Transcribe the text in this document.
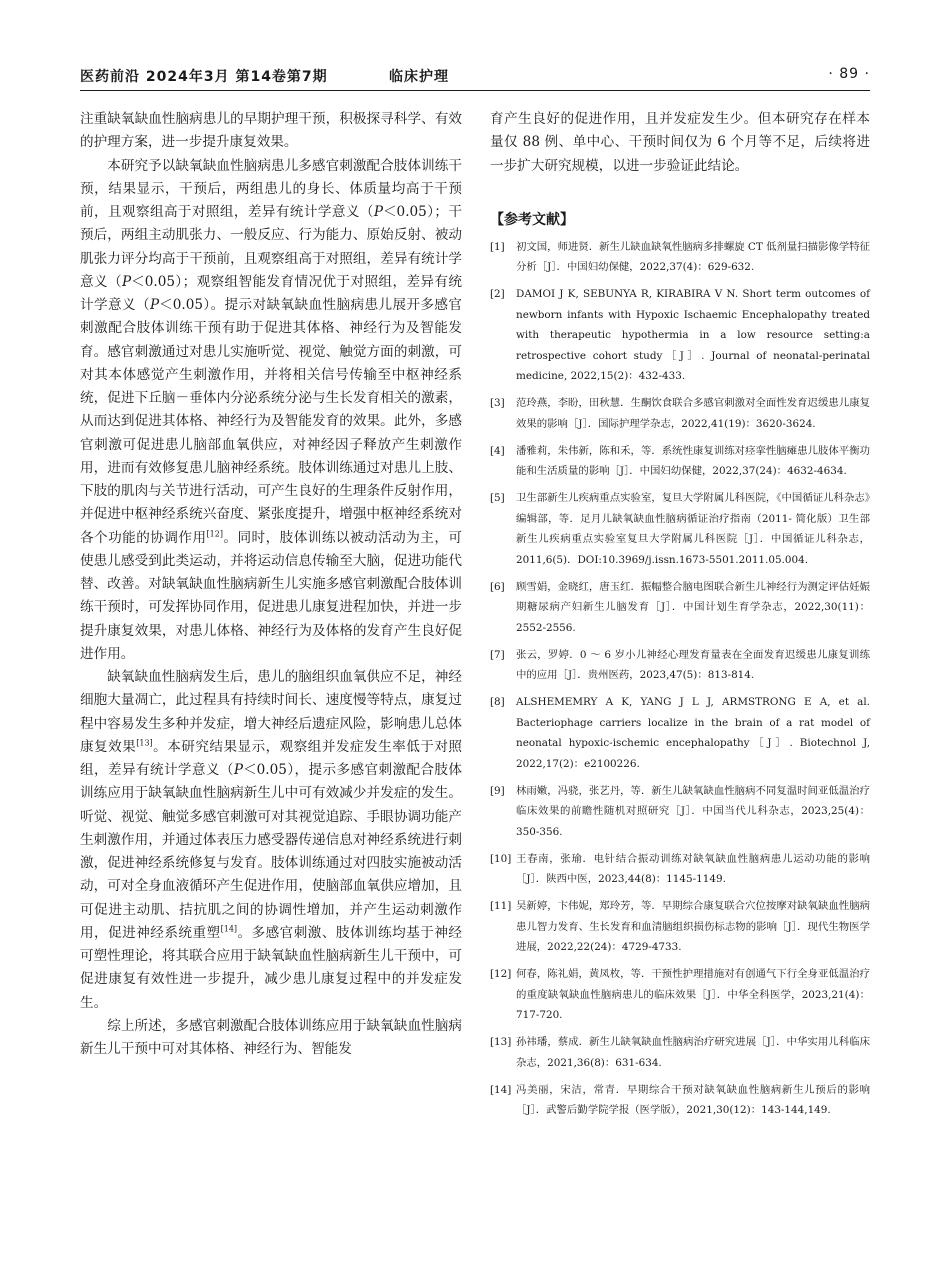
医药前沿 2024年3月 第14卷第7期	临床护理	· 89 ·

注重缺氧缺血性脑病患儿的早期护理干预，积极探寻科学、有效的护理方案，进一步提升康复效果。

本研究予以缺氧缺血性脑病患儿多感官刺激配合肢体训练干预，结果显示，干预后，两组患儿的身长、体质量均高于干预前，且观察组高于对照组，差异有统计学意义（P＜0.05）；干预后，两组主动肌张力、一般反应、行为能力、原始反射、被动肌张力评分均高于干预前，且观察组高于对照组，差异有统计学意义（P＜0.05）；观察组智能发育情况优于对照组，差异有统计学意义（P＜0.05）。提示对缺氧缺血性脑病患儿展开多感官刺激配合肢体训练干预有助于促进其体格、神经行为及智能发育。感官刺激通过对患儿实施听觉、视觉、触觉方面的刺激，可对其本体感觉产生刺激作用，并将相关信号传输至中枢神经系统，促进下丘脑－垂体内分泌系统分泌与生长发育相关的激素，从而达到促进其体格、神经行为及智能发育的效果。此外，多感官刺激可促进患儿脑部血氧供应，对神经因子释放产生刺激作用，进而有效修复患儿脑神经系统。肢体训练通过对患儿上肢、下肢的肌肉与关节进行活动，可产生良好的生理条件反射作用，并促进中枢神经系统兴奋度、紧张度提升，增强中枢神经系统对各个功能的协调作用[12]。同时，肢体训练以被动活动为主，可使患儿感受到此类运动，并将运动信息传输至大脑，促进功能代替、改善。对缺氧缺血性脑病新生儿实施多感官刺激配合肢体训练干预时，可发挥协同作用，促进患儿康复进程加快，并进一步提升康复效果，对患儿体格、神经行为及体格的发育产生良好促进作用。

缺氧缺血性脑病发生后，患儿的脑组织血氧供应不足，神经细胞大量凋亡，此过程具有持续时间长、速度慢等特点，康复过程中容易发生多种并发症，增大神经后遗症风险，影响患儿总体康复效果[13]。本研究结果显示，观察组并发症发生率低于对照组，差异有统计学意义（P＜0.05），提示多感官刺激配合肢体训练应用于缺氧缺血性脑病新生儿中可有效减少并发症的发生。听觉、视觉、触觉多感官刺激可对其视觉追踪、手眼协调功能产生刺激作用，并通过体表压力感受器传递信息对神经系统进行刺激，促进神经系统修复与发育。肢体训练通过对四肢实施被动活动，可对全身血液循环产生促进作用，使脑部血氧供应增加，且可促进主动肌、拮抗肌之间的协调性增加，并产生运动刺激作用，促进神经系统重塑[14]。多感官刺激、肢体训练均基于神经可塑性理论，将其联合应用于缺氧缺血性脑病新生儿干预中，可促进康复有效性进一步提升，减少患儿康复过程中的并发症发生。

综上所述，多感官刺激配合肢体训练应用于缺氧缺血性脑病新生儿干预中可对其体格、神经行为、智能发

育产生良好的促进作用，且并发症发生少。但本研究存在样本量仅 88 例、单中心、干预时间仅为 6 个月等不足，后续将进一步扩大研究规模，以进一步验证此结论。

【参考文献】
[1] 初文国，师进贤．新生儿缺血缺氧性脑病多排螺旋 CT 低剂量扫描影像学特征分析［J］．中国妇幼保健，2022,37(4)：629-632.
[2] DAMOI J K, SEBUNYA R, KIRABIRA V N. Short term outcomes of newborn infants with Hypoxic Ischaemic Encephalopathy treated with therapeutic hypothermia in a low resource setting:a retrospective cohort study［J］. Journal of neonatal-perinatal medicine, 2022,15(2)：432-433.
[3] 范玲燕，李盼，田秋慧．生酮饮食联合多感官刺激对全面性发育迟缓患儿康复效果的影响［J］．国际护理学杂志，2022,41(19)：3620-3624.
[4] 潘雅莉，朱伟新，陈和禾，等．系统性康复训练对痉挛性脑瘫患儿肢体平衡功能和生活质量的影响［J］．中国妇幼保健，2022,37(24)：4632-4634.
[5] 卫生部新生儿疾病重点实验室，复旦大学附属儿科医院，《中国循证儿科杂志》编辑部，等．足月儿缺氧缺血性脑病循证治疗指南（2011- 简化版）卫生部新生儿疾病重点实验室复旦大学附属儿科医院［J］．中国循证儿科杂志，2011,6(5)．DOI:10.3969/j.issn.1673-5501.2011.05.004.
[6] 顾雪娟，金晓红，唐玉红．振幅整合脑电图联合新生儿神经行为测定评估妊娠期糖尿病产妇新生儿脑发育［J］．中国计划生育学杂志，2022,30(11)：2552-2556.
[7] 张云，罗婷．0 ～ 6 岁小儿神经心理发育量表在全面发育迟缓患儿康复训练中的应用［J］．贵州医药，2023,47(5)：813-814.
[8] ALSHEMEMRY A K, YANG J L J, ARMSTRONG E A, et al. Bacteriophage carriers localize in the brain of a rat model of neonatal hypoxic-ischemic encephalopathy［J］. Biotechnol J, 2022,17(2)：e2100226.
[9] 林雨嫩，冯骁，张艺丹，等．新生儿缺氧缺血性脑病不同复温时间亚低温治疗临床效果的前瞻性随机对照研究［J］．中国当代儿科杂志，2023,25(4)：350-356.
[10] 王春南，张瑜．电针结合振动训练对缺氧缺血性脑病患儿运动功能的影响［J］．陕西中医，2023,44(8)：1145-1149.
[11] 吴新婷，卞伟妮，郑玲芳，等．早期综合康复联合穴位按摩对缺氧缺血性脑病患儿智力发育、生长发育和血清脑组织损伤标志物的影响［J］．现代生物医学进展，2022,22(24)：4729-4733.
[12] 何春，陈礼娟，黄凤枚，等．干预性护理措施对有创通气下行全身亚低温治疗的重度缺氧缺血性脑病患儿的临床效果［J］．中华全科医学，2023,21(4)：717-720.
[13] 孙祎璠，蔡成．新生儿缺氧缺血性脑病治疗研究进展［J］．中华实用儿科临床杂志，2021,36(8)：631-634.
[14] 冯美丽，宋洁，常青．早期综合干预对缺氧缺血性脑病新生儿预后的影响［J］．武警后勤学院学报（医学版），2021,30(12)：143-144,149.
